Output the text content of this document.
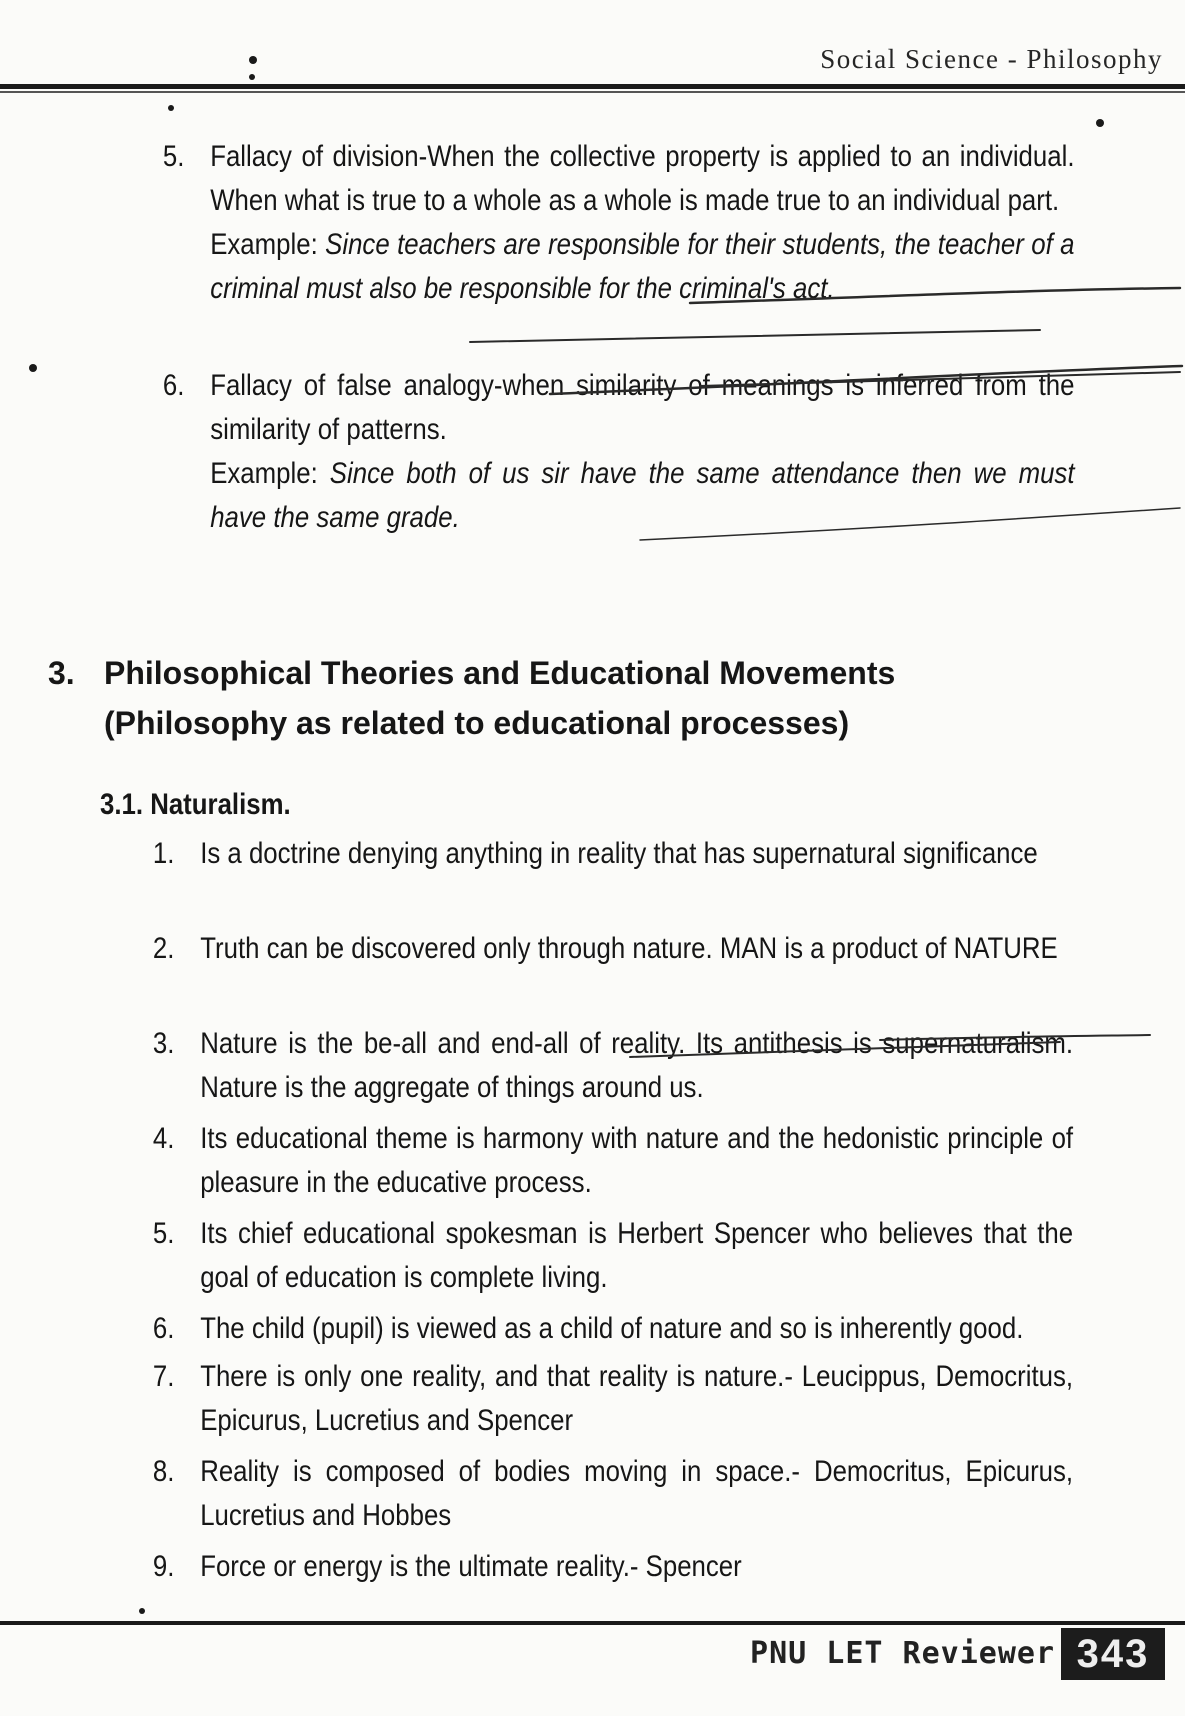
Social Science - Philosophy
5. Fallacy of division-When the collective property is applied to an individual. When what is true to a whole as a whole is made true to an individual part.
Example: Since teachers are responsible for their students, the teacher of a criminal must also be responsible for the criminal's act.
6. Fallacy of false analogy-when similarity of meanings is inferred from the similarity of patterns.
Example: Since both of us sir have the same attendance then we must have the same grade.
3. Philosophical Theories and Educational Movements
(Philosophy as related to educational processes)
3.1. Naturalism.
1. Is a doctrine denying anything in reality that has supernatural significance
2. Truth can be discovered only through nature. MAN is a product of NATURE
3. Nature is the be-all and end-all of reality. Its antithesis is supernaturalism. Nature is the aggregate of things around us.
4. Its educational theme is harmony with nature and the hedonistic principle of pleasure in the educative process.
5. Its chief educational spokesman is Herbert Spencer who believes that the goal of education is complete living.
6. The child (pupil) is viewed as a child of nature and so is inherently good.
7. There is only one reality, and that reality is nature.- Leucippus, Democritus, Epicurus, Lucretius and Spencer
8. Reality is composed of bodies moving in space.- Democritus, Epicurus, Lucretius and Hobbes
9. Force or energy is the ultimate reality.- Spencer
PNU LET Reviewer 343
